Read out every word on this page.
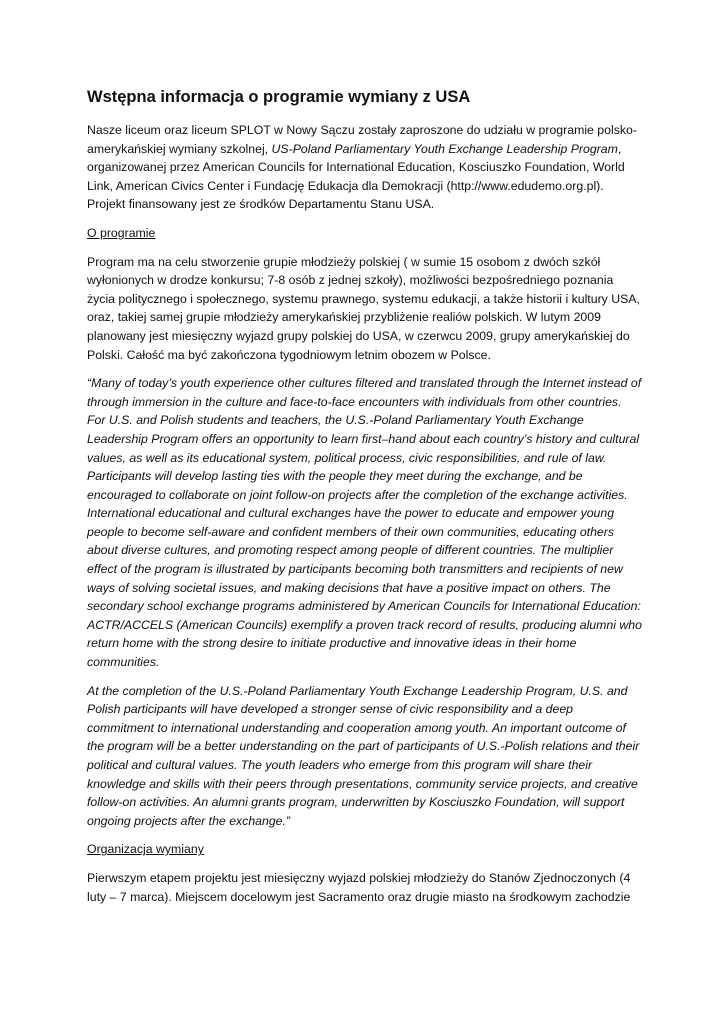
Wstępna informacja o programie wymiany z USA

Nasze liceum oraz liceum SPLOT w Nowy Sączu zostały zaproszone do udziału w programie polsko-amerykańskiej wymiany szkolnej, US-Poland Parliamentary Youth Exchange Leadership Program, organizowanej przez American Councils for International Education, Kosciuszko Foundation, World Link, American Civics Center i Fundację Edukacja dla Demokracji (http://www.edudemo.org.pl). Projekt finansowany jest ze środków Departamentu Stanu USA.

O programie

Program ma na celu stworzenie grupie młodzieży polskiej ( w sumie 15 osobom z dwóch szkół wyłonionych w drodze konkursu; 7-8 osób z jednej szkoły), możliwości bezpośredniego poznania życia politycznego i społecznego, systemu prawnego, systemu edukacji, a także historii i kultury USA, oraz, takiej samej grupie młodzieży amerykańskiej przybliżenie realiów polskich. W lutym 2009 planowany jest miesięczny wyjazd grupy polskiej do USA, w czerwcu 2009, grupy amerykańskiej do Polski. Całość ma być zakończona tygodniowym letnim obozem w Polsce.

“Many of today’s youth experience other cultures filtered and translated through the Internet instead of through immersion in the culture and face-to-face encounters with individuals from other countries. For U.S. and Polish students and teachers, the U.S.-Poland Parliamentary Youth Exchange Leadership Program offers an opportunity to learn first–hand about each country’s history and cultural values, as well as its educational system, political process, civic responsibilities, and rule of law. Participants will develop lasting ties with the people they meet during the exchange, and be encouraged to collaborate on joint follow-on projects after the completion of the exchange activities. International educational and cultural exchanges have the power to educate and empower young people to become self-aware and confident members of their own communities, educating others about diverse cultures, and promoting respect among people of different countries. The multiplier effect of the program is illustrated by participants becoming both transmitters and recipients of new ways of solving societal issues, and making decisions that have a positive impact on others. The secondary school exchange programs administered by American Councils for International Education: ACTR/ACCELS (American Councils) exemplify a proven track record of results, producing alumni who return home with the strong desire to initiate productive and innovative ideas in their home communities.

At the completion of the U.S.-Poland Parliamentary Youth Exchange Leadership Program, U.S. and Polish participants will have developed a stronger sense of civic responsibility and a deep commitment to international understanding and cooperation among youth. An important outcome of the program will be a better understanding on the part of participants of U.S.-Polish relations and their political and cultural values. The youth leaders who emerge from this program will share their knowledge and skills with their peers through presentations, community service projects, and creative follow-on activities. An alumni grants program, underwritten by Kosciuszko Foundation, will support ongoing projects after the exchange.”

Organizacja wymiany

Pierwszym etapem projektu jest miesięczny wyjazd polskiej młodzieży do Stanów Zjednoczonych (4 luty – 7 marca). Miejscem docelowym jest Sacramento oraz drugie miasto na środkowym zachodzie
